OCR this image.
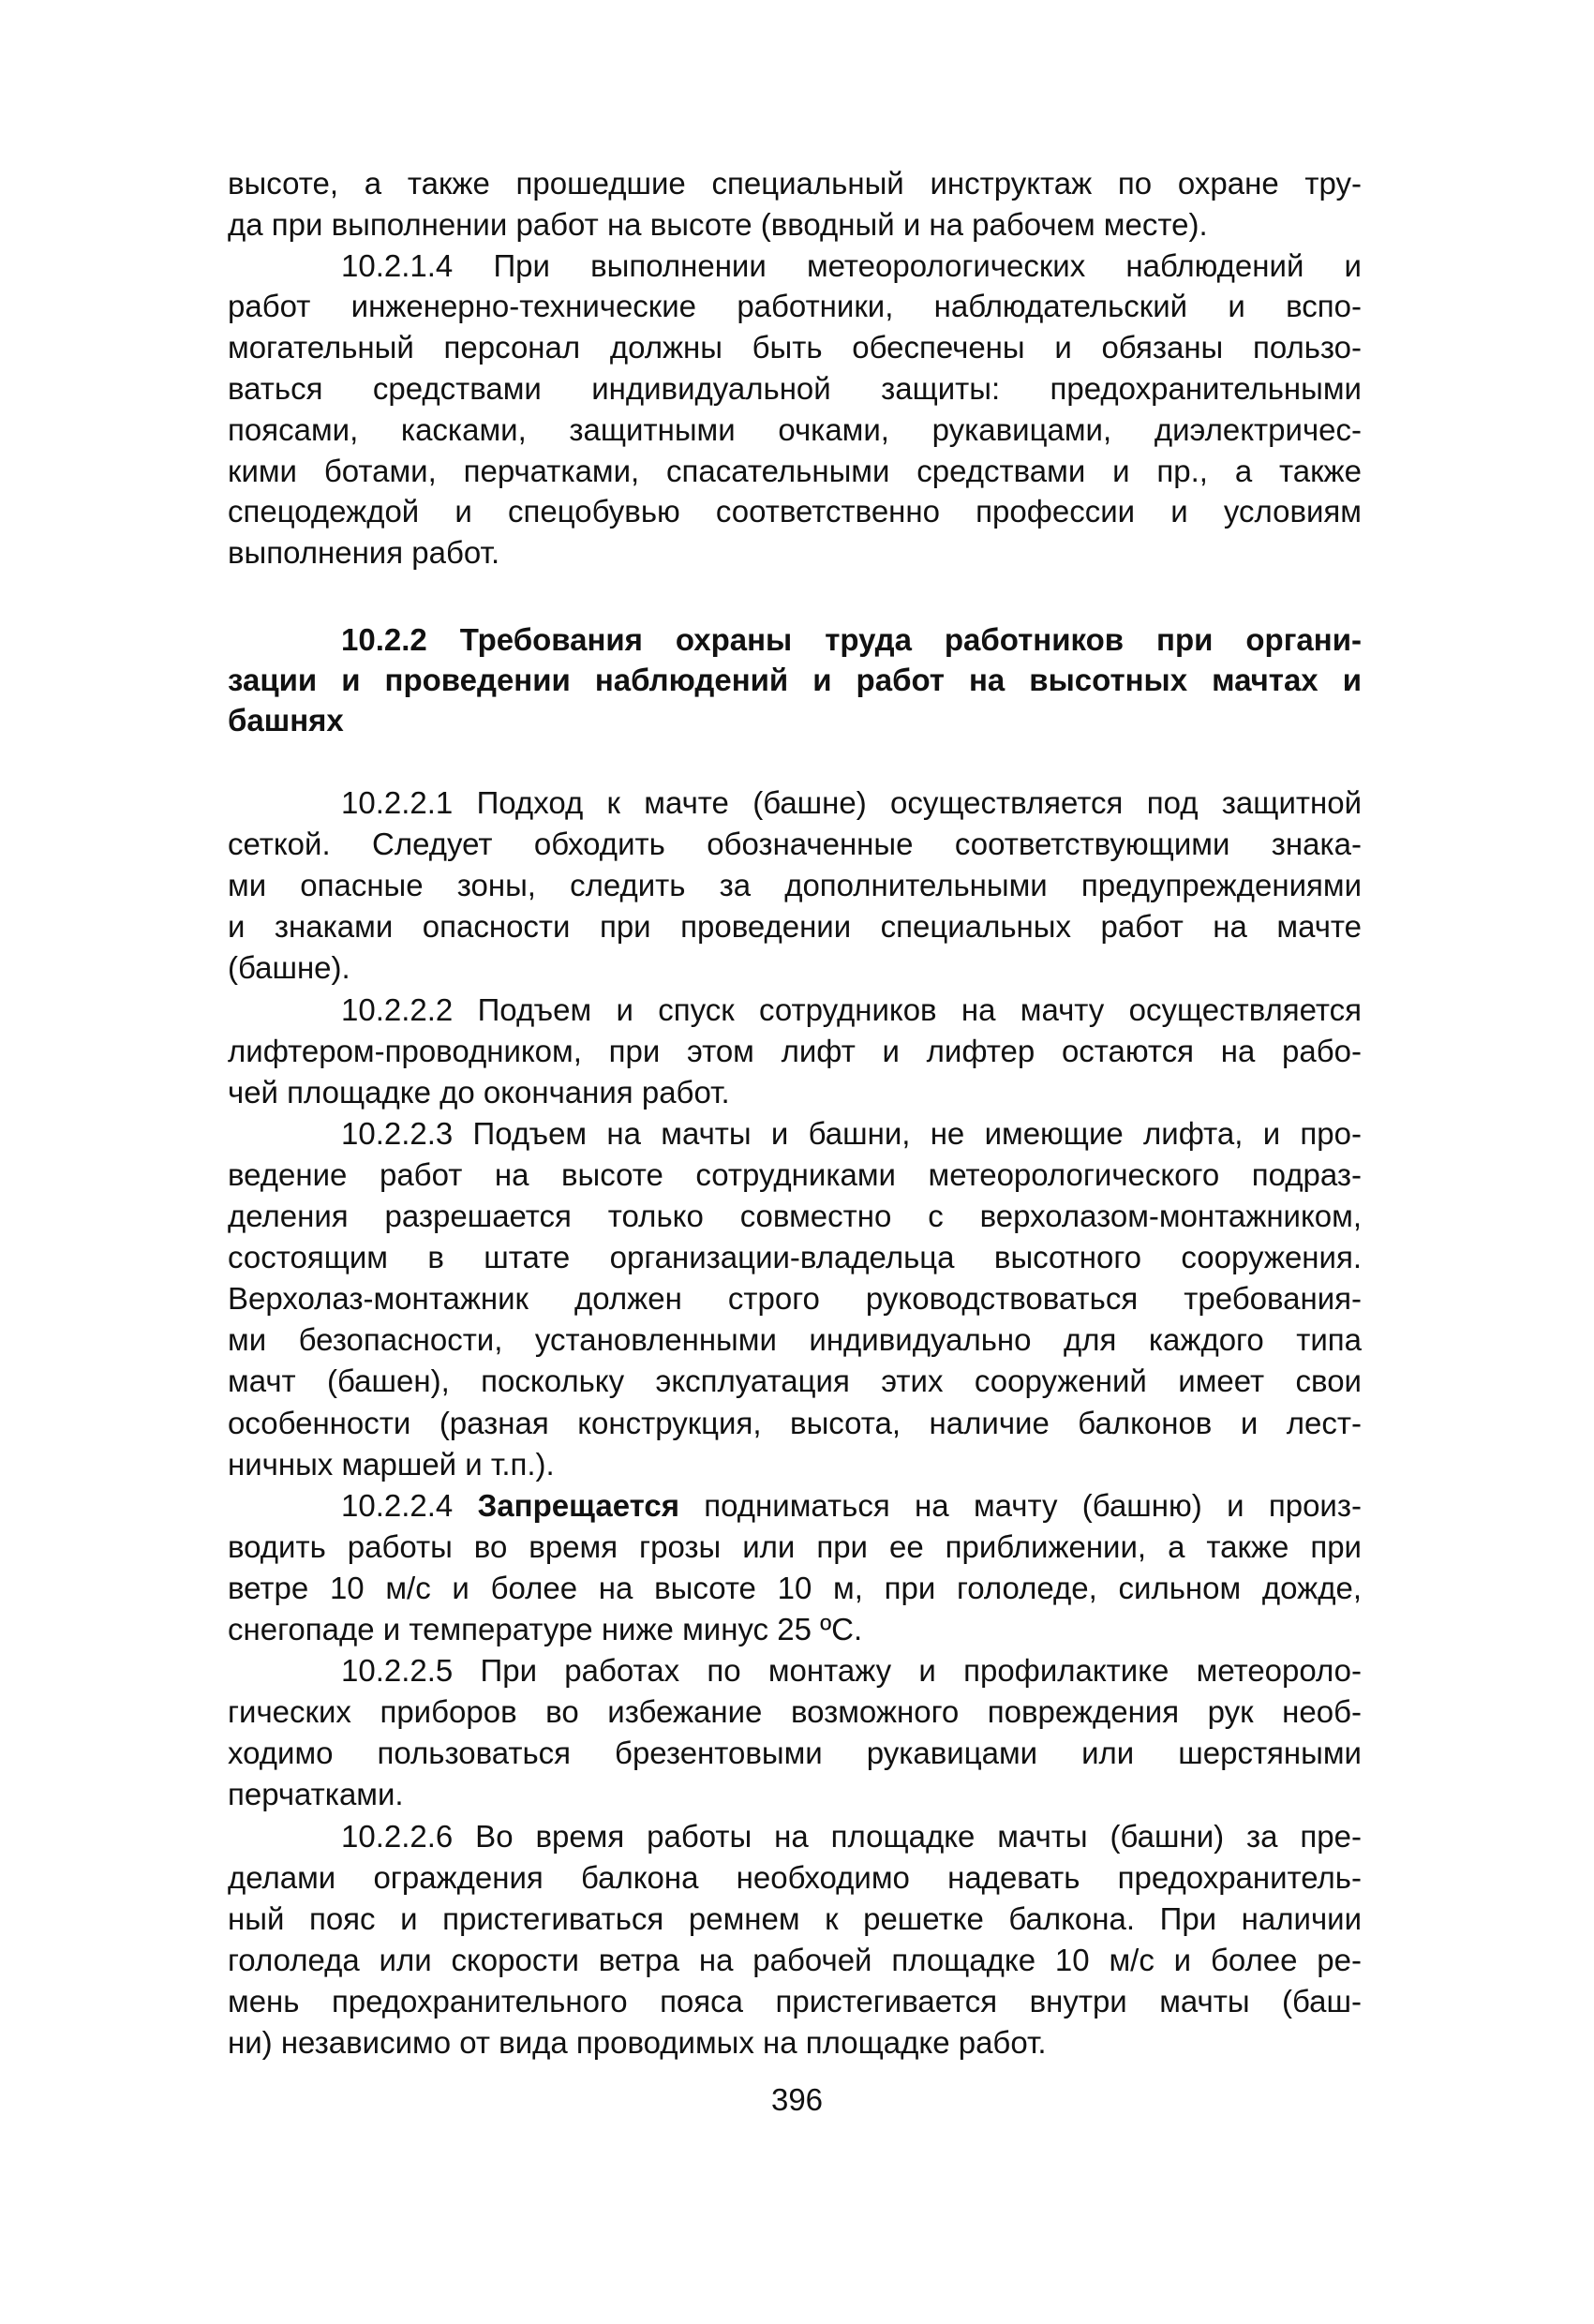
высоте, а также прошедшие специальный инструктаж по охране тру-
да при выполнении работ на высоте (вводный и на рабочем месте).
10.2.1.4 При выполнении метеорологических наблюдений и
работ инженерно-технические работники, наблюдательский и вспо-
могательный персонал должны быть обеспечены и обязаны пользо-
ваться средствами индивидуальной защиты: предохранительными
поясами, касками, защитными очками, рукавицами, диэлектричес-
кими ботами, перчатками, спасательными средствами и пр., а также
спецодеждой и спецобувью соответственно профессии и условиям
выполнения работ.
10.2.2 Требования охраны труда работников при органи-
зации и проведении наблюдений и работ на высотных мачтах и
башнях
10.2.2.1 Подход к мачте (башне) осуществляется под защитной
сеткой. Следует обходить обозначенные соответствующими знака-
ми опасные зоны, следить за дополнительными предупреждениями
и знаками опасности при проведении специальных работ на мачте
(башне).
10.2.2.2 Подъем и спуск сотрудников на мачту осуществляется
лифтером-проводником, при этом лифт и лифтер остаются на рабо-
чей площадке до окончания работ.
10.2.2.3 Подъем на мачты и башни, не имеющие лифта, и про-
ведение работ на высоте сотрудниками метеорологического подраз-
деления разрешается только совместно с верхолазом-монтажником,
состоящим в штате организации-владельца высотного сооружения.
Верхолаз-монтажник должен строго руководствоваться требования-
ми безопасности, установленными индивидуально для каждого типа
мачт (башен), поскольку эксплуатация этих сооружений имеет свои
особенности (разная конструкция, высота, наличие балконов и лест-
ничных маршей и т.п.).
10.2.2.4 Запрещается подниматься на мачту (башню) и произ-
водить работы во время грозы или при ее приближении, а также при
ветре 10 м/с и более на высоте 10 м, при гололеде, сильном дожде,
снегопаде и температуре ниже минус 25 ºС.
10.2.2.5 При работах по монтажу и профилактике метеороло-
гических приборов во избежание возможного повреждения рук необ-
ходимо пользоваться брезентовыми рукавицами или шерстяными
перчатками.
10.2.2.6 Во время работы на площадке мачты (башни) за пре-
делами ограждения балкона необходимо надевать предохранитель-
ный пояс и пристегиваться ремнем к решетке балкона. При наличии
гололеда или скорости ветра на рабочей площадке 10 м/с и более ре-
мень предохранительного пояса пристегивается внутри мачты (баш-
ни) независимо от вида проводимых на площадке работ.
396
